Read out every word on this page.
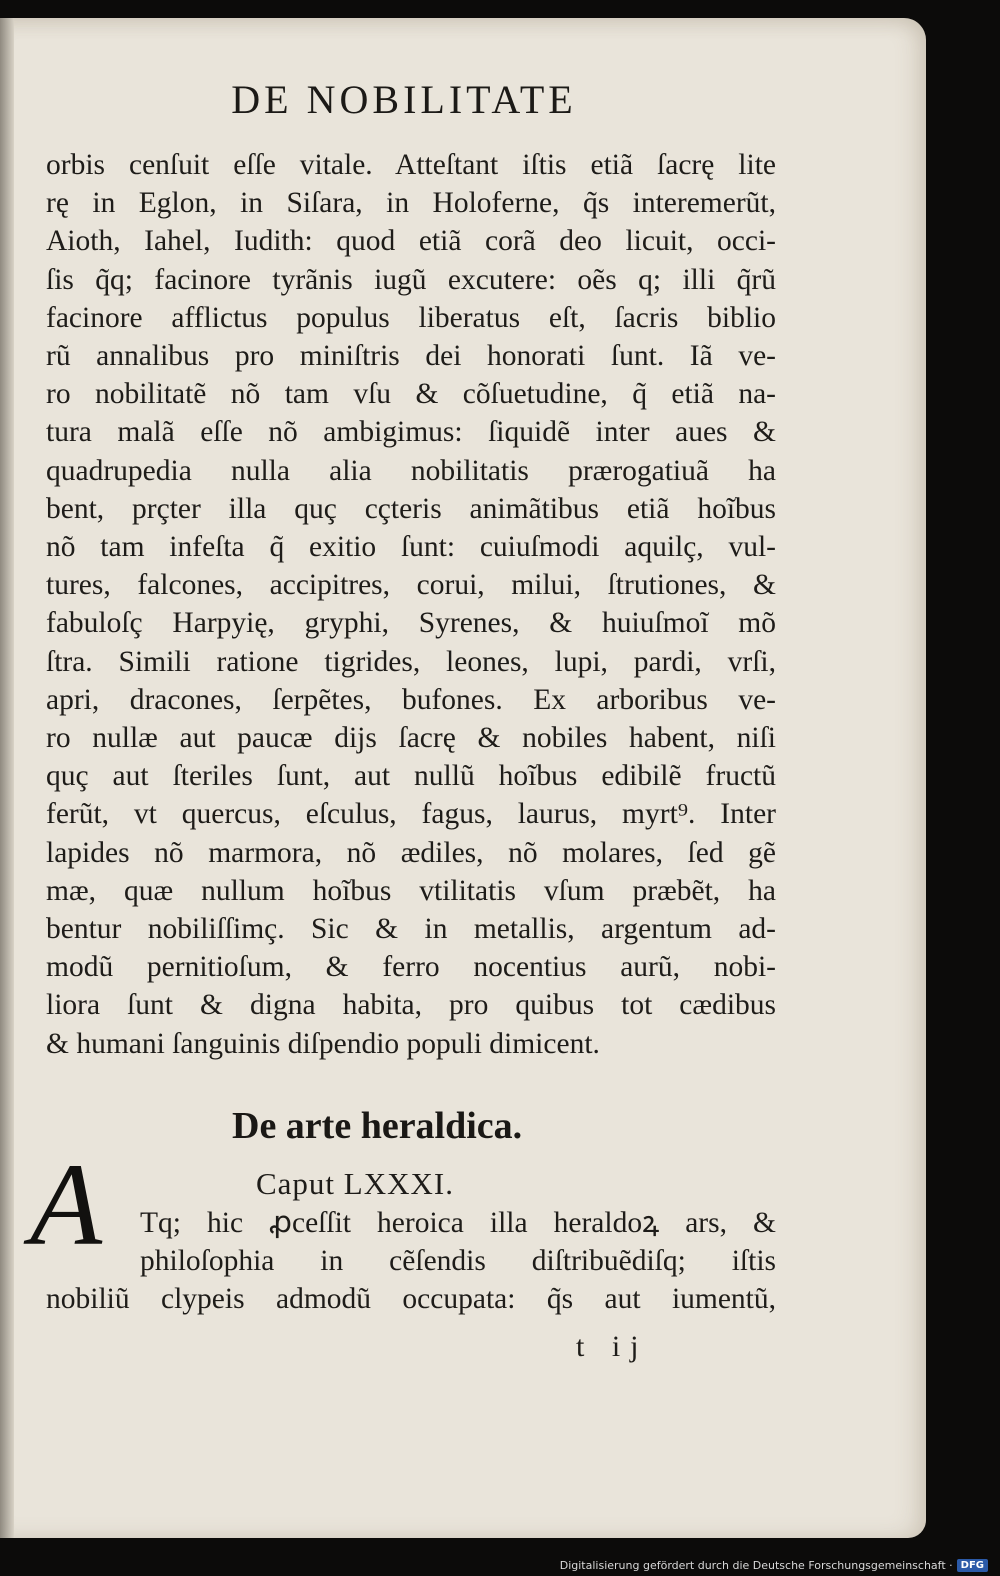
DE NOBILITATE
orbis cenſuit eſſe vitale. Atteſtant iſtis etiã ſacrę lite
rę in Eglon, in Siſara, in Holoferne, q̃s interemerũt,
Aioth, Iahel, Iudith: quod etiã corã deo licuit, occi-
ſis q̃q; facinore tyrãnis iugũ excutere: oẽs q; illi q̃rũ
facinore afflictus populus liberatus eſt, ſacris biblio
rũ annalibus pro miniſtris dei honorati ſunt. Iã ve-
ro nobilitatẽ nõ tam vſu & cõſuetudine, q̃ etiã na-
tura malã eſſe nõ ambigimus: ſiquidẽ inter aues &
quadrupedia nulla alia nobilitatis prærogatiuã ha
bent, prçter illa quç cçteris animãtibus etiã hoĩbus
nõ tam infeſta q̃ exitio ſunt: cuiuſmodi aquilç, vul-
tures, falcones, accipitres, corui, milui, ſtrutiones, &
fabuloſç Harpyię, gryphi, Syrenes, & huiuſmoĩ mõ
ſtra. Simili ratione tigrides, leones, lupi, pardi, vrſi,
apri, dracones, ſerpẽtes, bufones. Ex arboribus ve-
ro nullæ aut paucæ dijs ſacrę & nobiles habent, niſi
quç aut ſteriles ſunt, aut nullũ hoĩbus edibilẽ fructũ
ferũt, vt quercus, eſculus, fagus, laurus, myrt⁹. Inter
lapides nõ marmora, nõ ædiles, nõ molares, ſed gẽ
mæ, quæ nullum hoĩbus vtilitatis vſum præbẽt, ha
bentur nobiliſſimç. Sic & in metallis, argentum ad-
modũ pernitioſum, & ferro nocentius aurũ, nobi-
liora ſunt & digna habita, pro quibus tot cædibus
& humani ſanguinis diſpendio populi dimicent.
De arte heraldica.
A	Caput LXXXI.
Tq; hic ꝓceſſit heroica illa heraldoꝝ ars, &
philoſophia in cẽſendis diſtribuẽdiſq; iſtis
nobiliũ clypeis admodũ occupata: q̃s aut iumentũ,
t ij
Digitalisierung gefördert durch die Deutsche Forschungsgemeinschaft · DFG
